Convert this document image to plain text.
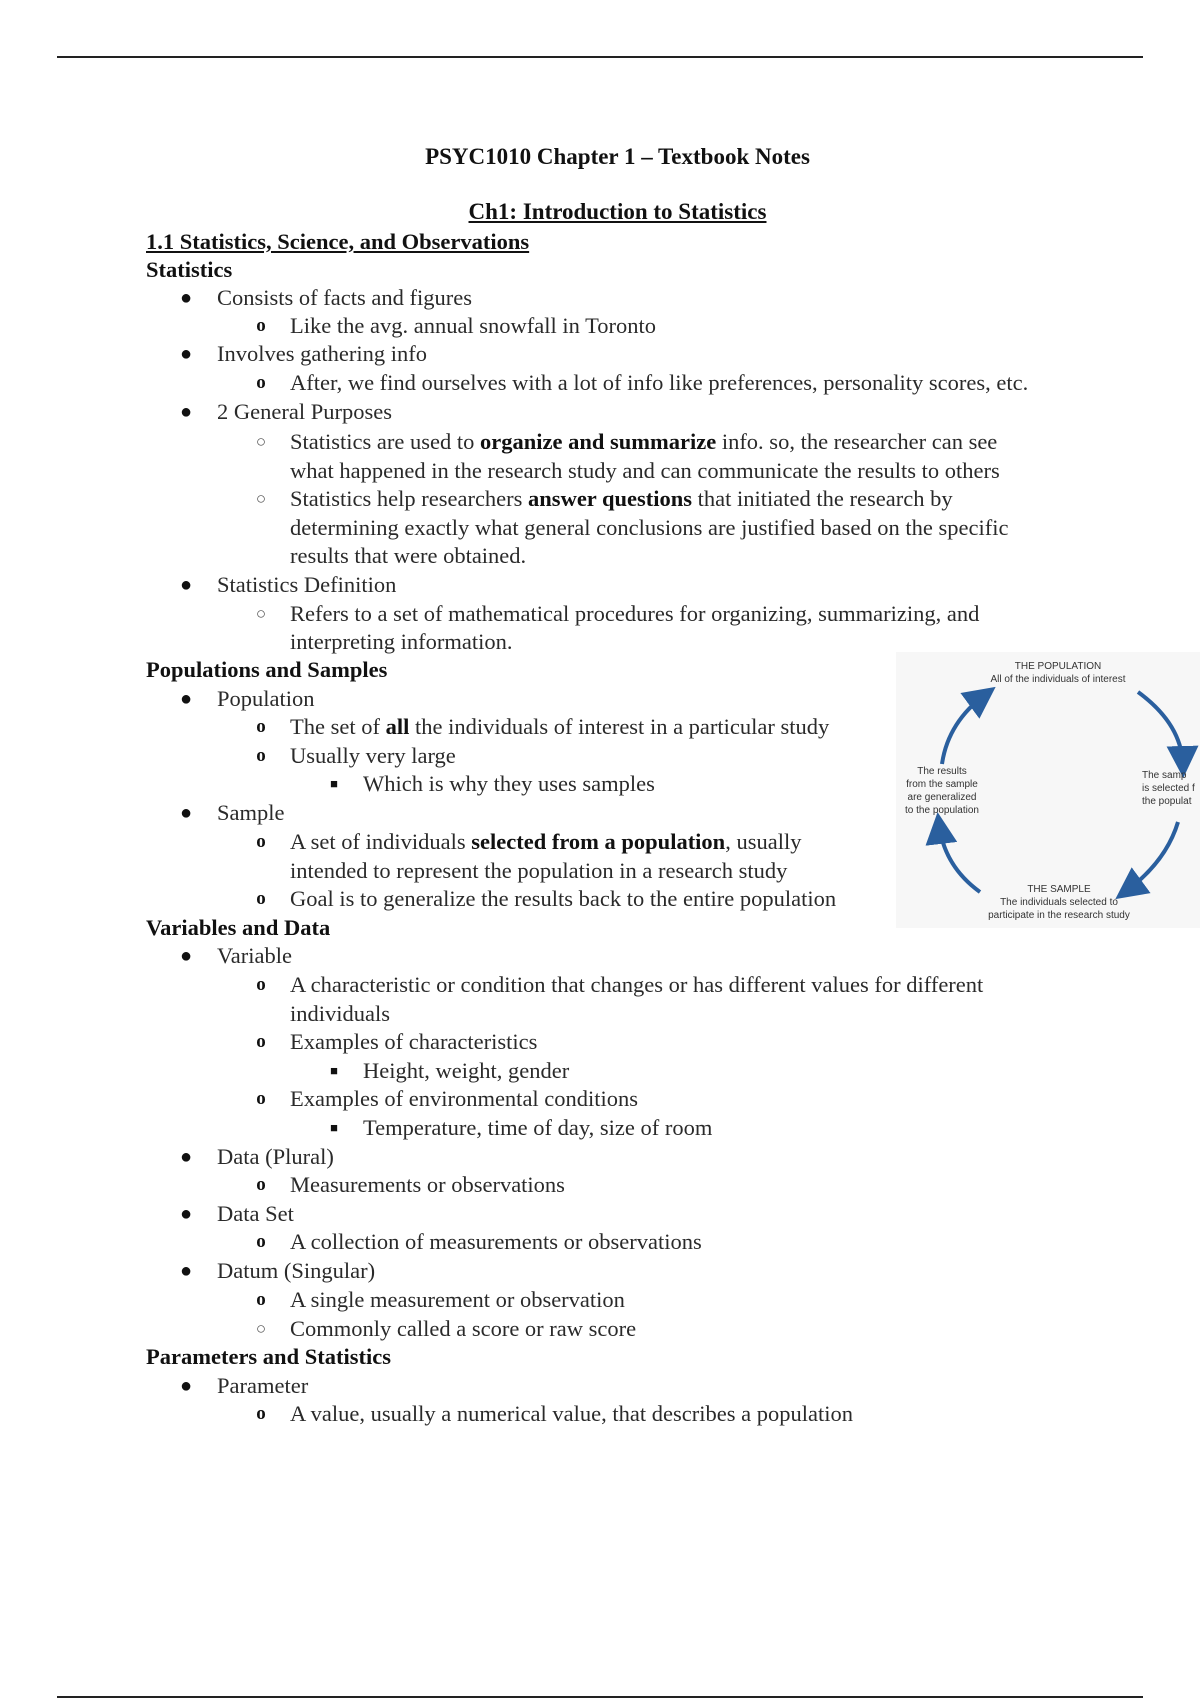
PSYC1010 Chapter 1 – Textbook Notes
Ch1: Introduction to Statistics
1.1 Statistics, Science, and Observations
Statistics
● Consists of facts and figures
o Like the avg. annual snowfall in Toronto
● Involves gathering info
o After, we find ourselves with a lot of info like preferences, personality scores, etc.
● 2 General Purposes
○ Statistics are used to organize and summarize info. so, the researcher can see
what happened in the research study and can communicate the results to others
○ Statistics help researchers answer questions that initiated the research by
determining exactly what general conclusions are justified based on the specific
results that were obtained.
● Statistics Definition
○ Refers to a set of mathematical procedures for organizing, summarizing, and
interpreting information.
Populations and Samples
● Population
o The set of all the individuals of interest in a particular study
o Usually very large
■	Which is why they uses samples
● Sample
o A set of individuals selected from a population, usually
intended to represent the population in a research study
o Goal is to generalize the results back to the entire population
THE POPULATION
All of the individuals of interest
The samp
is selected f
the populat
The results
from the sample
are generalized
to the population
THE SAMPLE
The individuals selected to
participate in the research study
Variables and Data
● Variable
o A characteristic or condition that changes or has different values for different
individuals
o Examples of characteristics
■	Height, weight, gender
o Examples of environmental conditions
■	Temperature, time of day, size of room
● Data (Plural)
o Measurements or observations
● Data Set
o A collection of measurements or observations
● Datum (Singular)
o A single measurement or observation
○ Commonly called a score or raw score
Parameters and Statistics
● Parameter
o A value, usually a numerical value, that describes a population
